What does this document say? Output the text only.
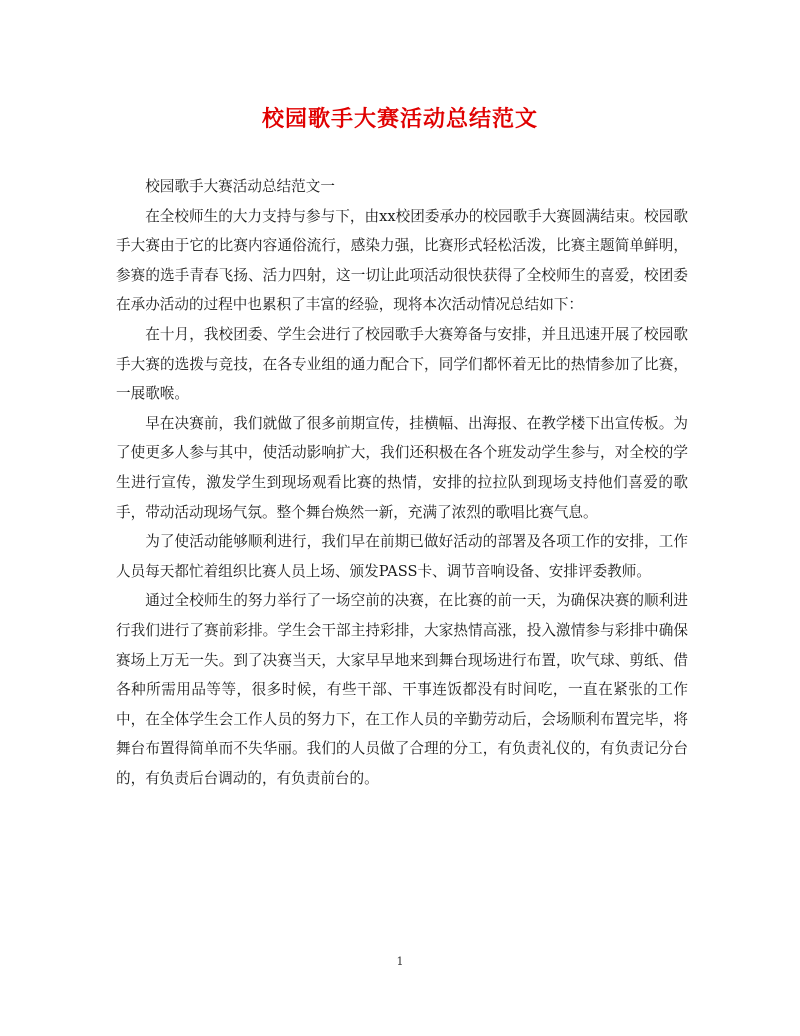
校园歌手大赛活动总结范文

校园歌手大赛活动总结范文一

在全校师生的大力支持与参与下，由xx校团委承办的校园歌手大赛圆满结束。校园歌手大赛由于它的比赛内容通俗流行，感染力强，比赛形式轻松活泼，比赛主题简单鲜明，参赛的选手青春飞扬、活力四射，这一切让此项活动很快获得了全校师生的喜爱，校团委在承办活动的过程中也累积了丰富的经验，现将本次活动情况总结如下：

在十月，我校团委、学生会进行了校园歌手大赛筹备与安排，并且迅速开展了校园歌手大赛的选拨与竞技，在各专业组的通力配合下，同学们都怀着无比的热情参加了比赛，一展歌喉。

早在决赛前，我们就做了很多前期宣传，挂横幅、出海报、在教学楼下出宣传板。为了使更多人参与其中，使活动影响扩大，我们还积极在各个班发动学生参与，对全校的学生进行宣传，激发学生到现场观看比赛的热情，安排的拉拉队到现场支持他们喜爱的歌手，带动活动现场气氛。整个舞台焕然一新，充满了浓烈的歌唱比赛气息。

为了使活动能够顺利进行，我们早在前期已做好活动的部署及各项工作的安排，工作人员每天都忙着组织比赛人员上场、颁发PASS卡、调节音响设备、安排评委教师。

通过全校师生的努力举行了一场空前的决赛，在比赛的前一天，为确保决赛的顺利进行我们进行了赛前彩排。学生会干部主持彩排，大家热情高涨，投入激情参与彩排中确保赛场上万无一失。到了决赛当天，大家早早地来到舞台现场进行布置，吹气球、剪纸、借各种所需用品等等，很多时候，有些干部、干事连饭都没有时间吃，一直在紧张的工作中，在全体学生会工作人员的努力下，在工作人员的辛勤劳动后，会场顺利布置完毕，将舞台布置得简单而不失华丽。我们的人员做了合理的分工，有负责礼仪的，有负责记分台的，有负责后台调动的，有负责前台的。

1
